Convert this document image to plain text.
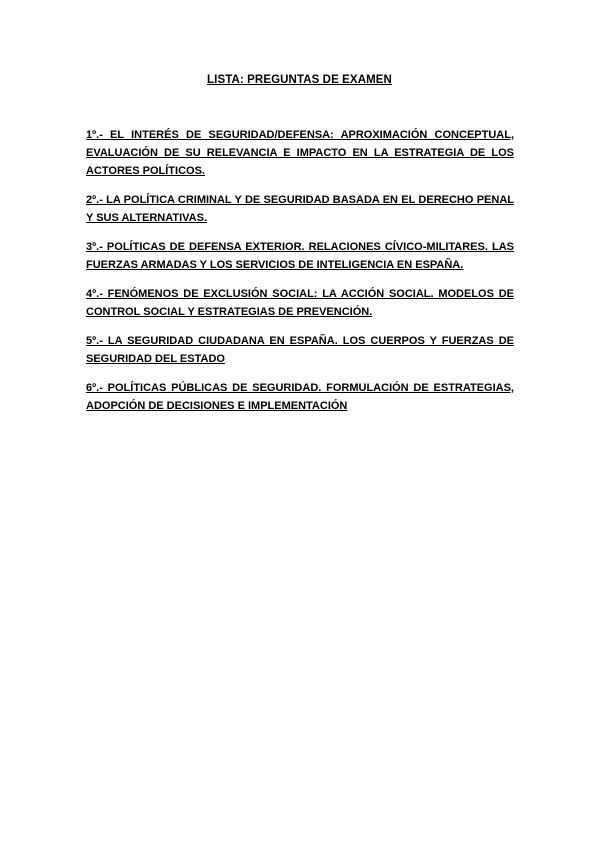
LISTA: PREGUNTAS DE EXAMEN
1º.- EL INTERÉS DE SEGURIDAD/DEFENSA: APROXIMACIÓN CONCEPTUAL, EVALUACIÓN DE SU RELEVANCIA E IMPACTO EN LA ESTRATEGIA DE LOS ACTORES POLÍTICOS.
2º.- LA POLÍTICA CRIMINAL Y DE SEGURIDAD BASADA EN EL DERECHO PENAL Y SUS ALTERNATIVAS.
3º.- POLÍTICAS DE DEFENSA EXTERIOR. RELACIONES CÍVICO-MILITARES. LAS FUERZAS ARMADAS Y LOS SERVICIOS DE INTELIGENCIA EN ESPAÑA.
4º.- FENÓMENOS DE EXCLUSIÓN SOCIAL: LA ACCIÓN SOCIAL. MODELOS DE CONTROL SOCIAL Y ESTRATEGIAS DE PREVENCIÓN.
5º.- LA SEGURIDAD CIUDADANA EN ESPAÑA. LOS CUERPOS Y FUERZAS DE SEGURIDAD DEL ESTADO
6º.- POLÍTICAS PÚBLICAS DE SEGURIDAD. FORMULACIÓN DE ESTRATEGIAS, ADOPCIÓN DE DECISIONES E IMPLEMENTACIÓN
